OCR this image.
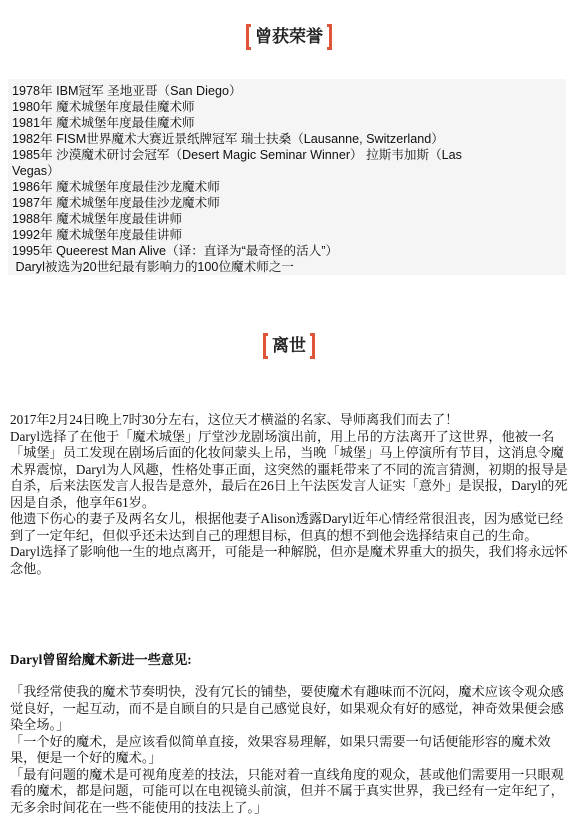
曾获荣誉
1978年 IBM冠军 圣地亚哥（San Diego）
1980年 魔术城堡年度最佳魔术师
1981年 魔术城堡年度最佳魔术师
1982年 FISM世界魔术大赛近景纸牌冠军 瑞士扶桑（Lausanne, Switzerland）
1985年 沙漠魔术研讨会冠军（Desert Magic Seminar Winner） 拉斯韦加斯（Las
Vegas）
1986年 魔术城堡年度最佳沙龙魔术师
1987年 魔术城堡年度最佳沙龙魔术师
1988年 魔术城堡年度最佳讲师
1992年 魔术城堡年度最佳讲师
1995年 Queerest Man Alive（译：直译为“最奇怪的活人”）
Daryl被选为20世纪最有影响力的100位魔术师之一
离世

2017年2月24日晚上7时30分左右，这位天才横溢的名家、导师离我们而去了！

Daryl选择了在他于「魔术城堡」厅堂沙龙剧场演出前，用上吊的方法离开了这世界，他被一名「城堡」员工发现在剧场后面的化妆间蒙头上吊，当晚「城堡」马上停演所有节目，这消息令魔术界震惊，Daryl为人风趣，性格处事正面，这突然的噩耗带来了不同的流言猜测，初期的报导是自杀，后来法医发言人报告是意外，最后在26日上午法医发言人证实「意外」是误报，Daryl的死因是自杀，他享年61岁。

他遗下伤心的妻子及两名女儿，根据他妻子Alison透露Daryl近年心情经常很沮丧，因为感觉已经到了一定年纪，但似乎还未达到自己的理想目标，但真的想不到他会选择结束自己的生命。

Daryl选择了影响他一生的地点离开，可能是一种解脱，但亦是魔术界重大的损失，我们将永远怀念他。

Daryl曾留给魔术新进一些意见:

「我经常使我的魔术节奏明快，没有冗长的铺垫，要使魔术有趣味而不沉闷，魔术应该令观众感觉良好，一起互动，而不是自顾自的只是自己感觉良好，如果观众有好的感觉，神奇效果便会感染全场。」

「一个好的魔术，是应该看似简单直接，效果容易理解，如果只需要一句话便能形容的魔术效果，便是一个好的魔术。」

「最有问题的魔术是可视角度差的技法，只能对着一直线角度的观众，甚或他们需要用一只眼观看的魔术，都是问题，可能可以在电视镜头前演，但并不属于真实世界，我已经有一定年纪了，无多余时间花在一些不能使用的技法上了。」
